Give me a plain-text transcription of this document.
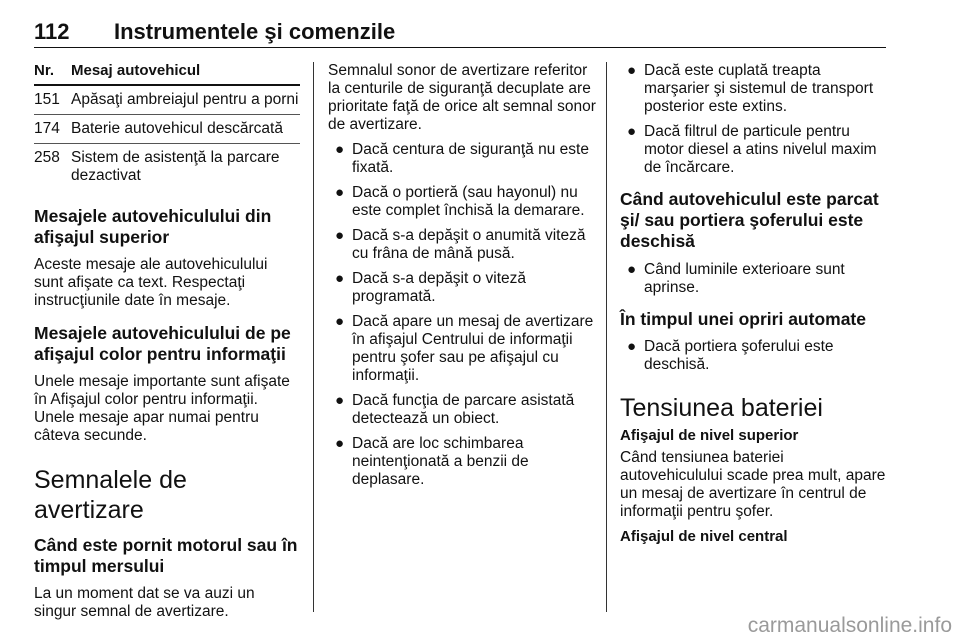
112 Instrumentele şi comenzile
Nr.	Mesaj autovehicul
151 Apăsaţi ambreiajul pentru a porni
174 Baterie autovehicul descărcată
258 Sistem de asistenţă la parcare dezactivat
Mesajele autovehiculului din afişajul superior

Aceste mesaje ale autovehiculului sunt afişate ca text. Respectaţi instrucţiunile date în mesaje.

Mesajele autovehiculului de pe afişajul color pentru informaţii

Unele mesaje importante sunt afişate în Afişajul color pentru informaţii. Unele mesaje apar numai pentru câteva secunde.

Semnalele de avertizare
Când este pornit motorul sau în timpul mersului

La un moment dat se va auzi un singur semnal de avertizare.

Semnalul sonor de avertizare referitor la centurile de siguranţă decuplate are prioritate faţă de orice alt semnal sonor de avertizare.

● Dacă centura de siguranţă nu este fixată.
● Dacă o portieră (sau hayonul) nu este complet închisă la demarare.
● Dacă s-a depăşit o anumită viteză cu frâna de mână pusă.
● Dacă s-a depăşit o viteză programată.
● Dacă apare un mesaj de avertizare în afişajul Centrului de informaţii pentru şofer sau pe afişajul cu informaţii.
● Dacă funcţia de parcare asistată detectează un obiect.
● Dacă are loc schimbarea neintenţionată a benzii de deplasare.
● Dacă este cuplată treapta marşarier şi sistemul de transport posterior este extins.
● Dacă filtrul de particule pentru motor diesel a atins nivelul maxim de încărcare.
Când autovehiculul este parcat şi/ sau portiera şoferului este deschisă
● Când luminile exterioare sunt aprinse.
În timpul unei opriri automate
● Dacă portiera şoferului este deschisă.
Tensiunea bateriei
Afişajul de nivel superior

Când tensiunea bateriei autovehiculului scade prea mult, apare un mesaj de avertizare în centrul de informaţii pentru şofer.

Afişajul de nivel central
carmanualsonline.info
